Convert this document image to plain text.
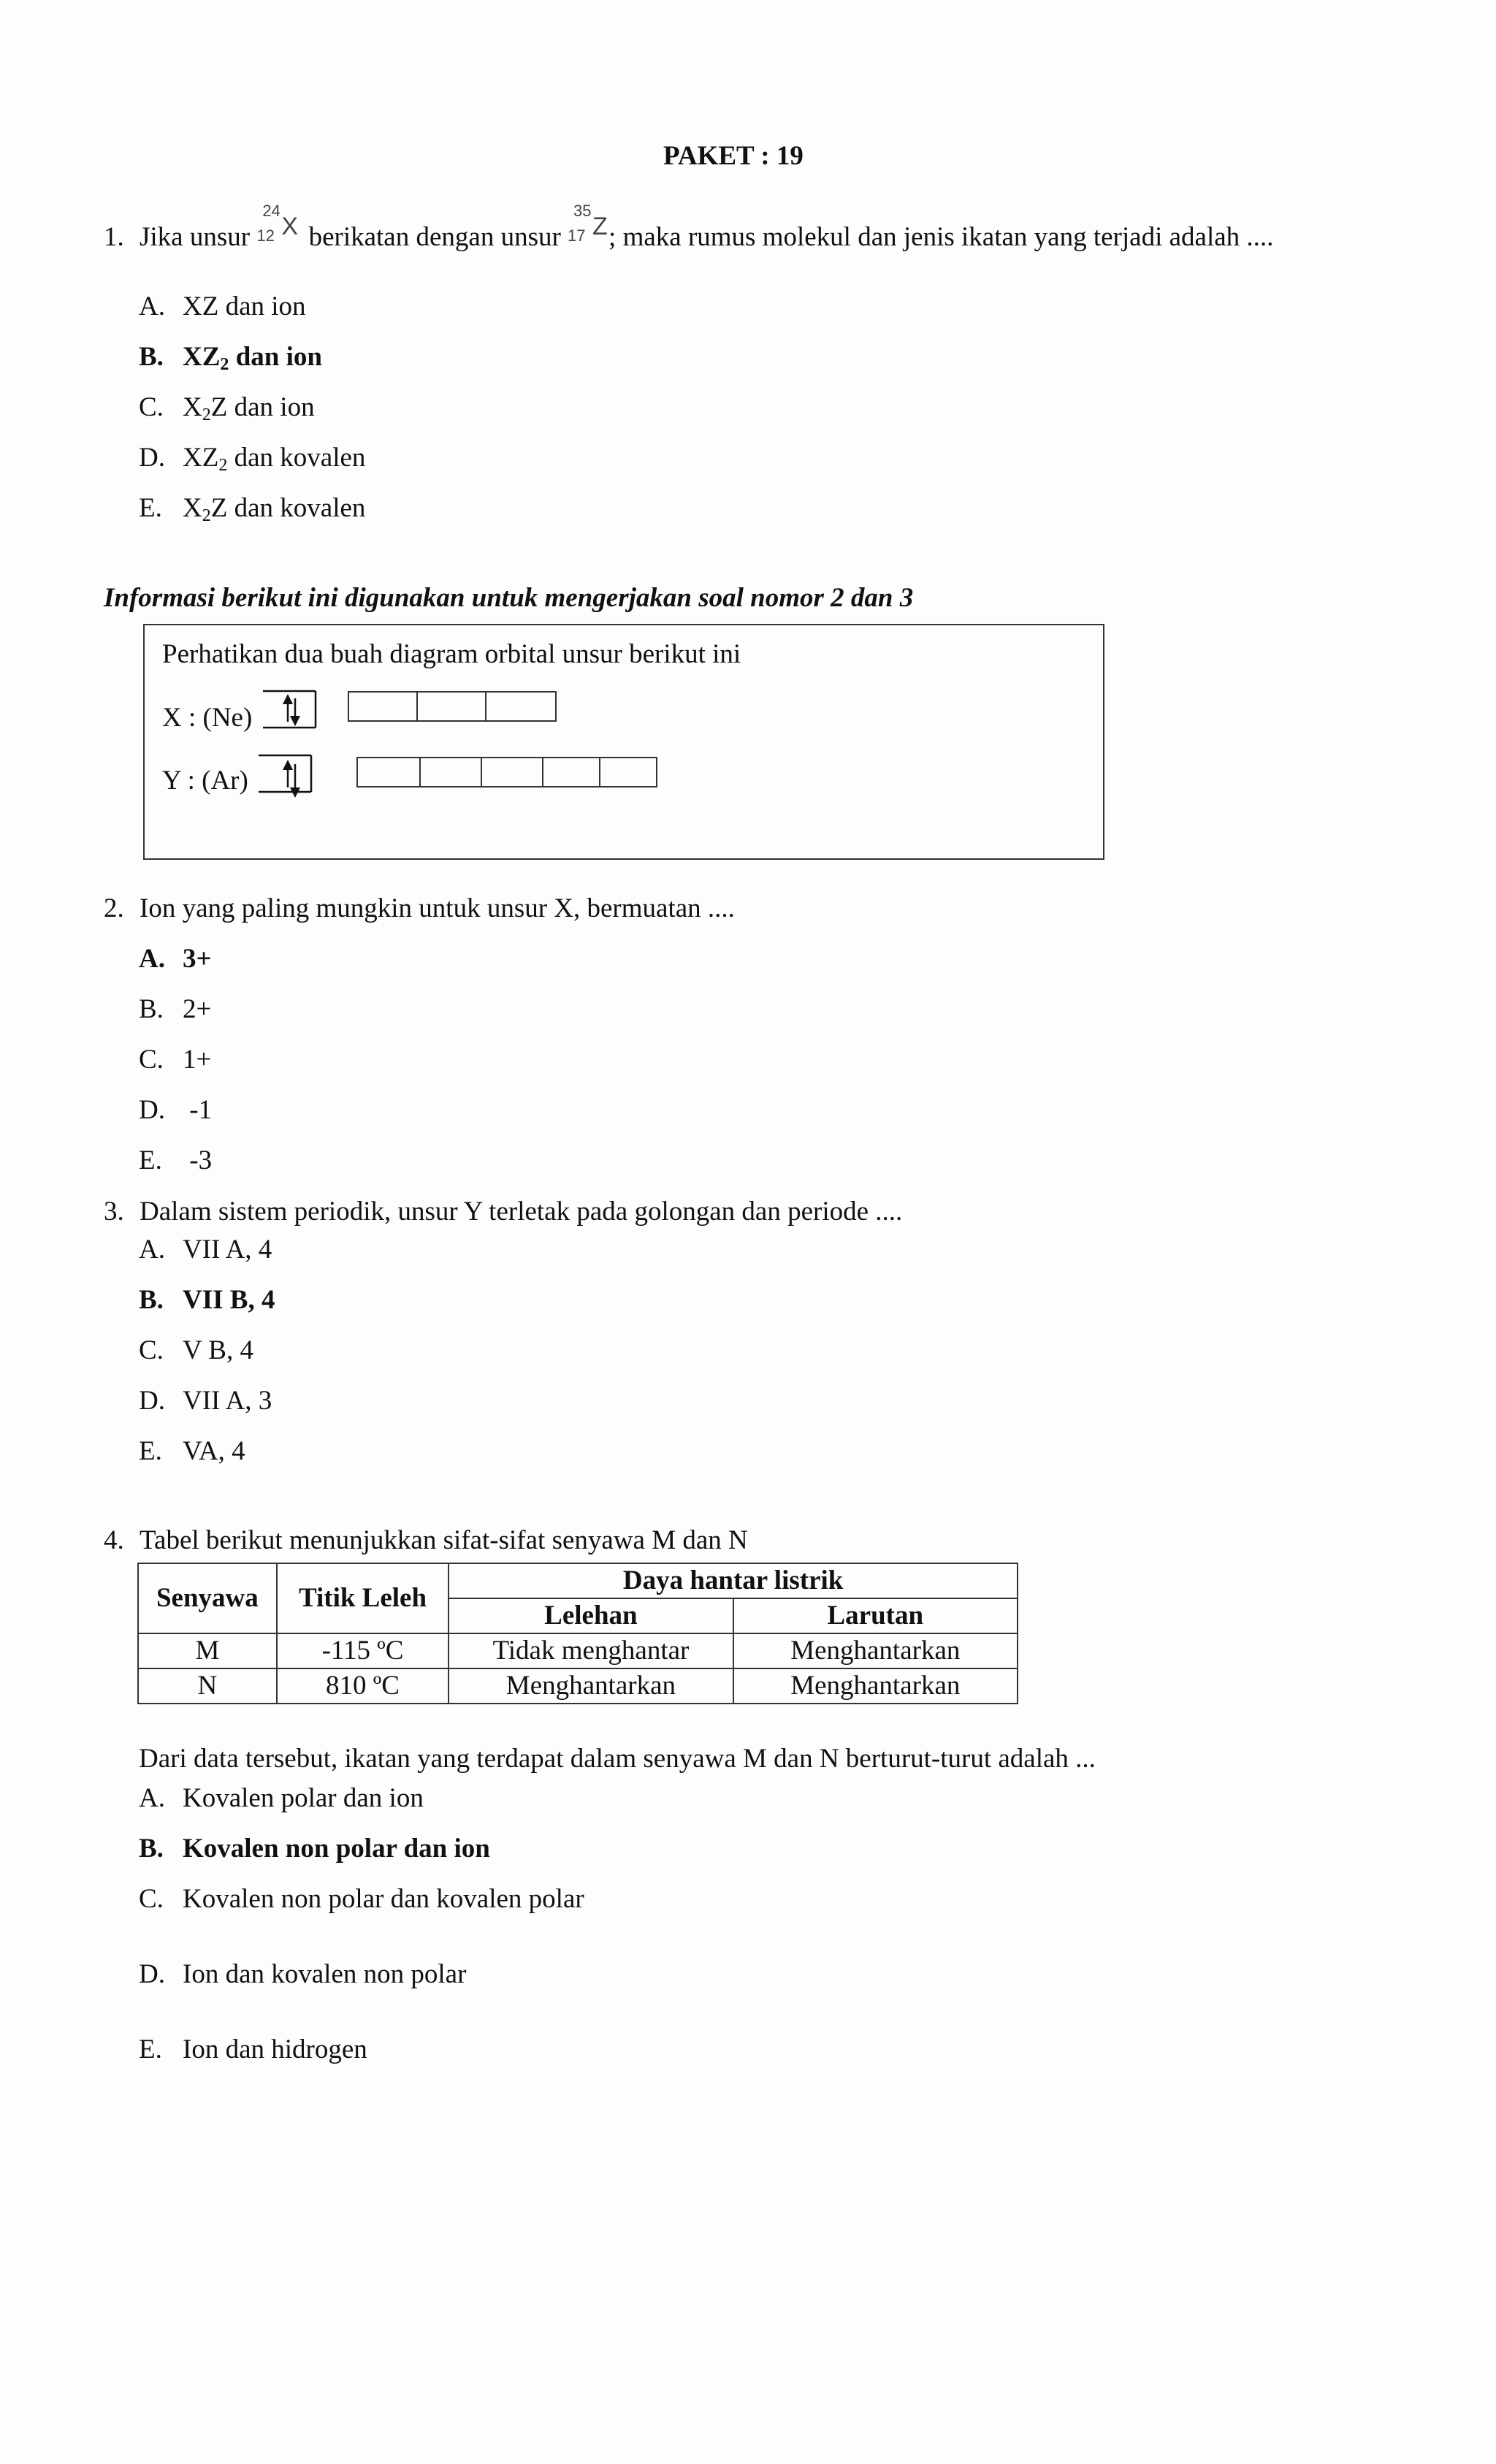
PAKET : 19
1. Jika unsur
24
12 X berikatan dengan unsur
35
17 Z ; maka rumus molekul dan jenis ikatan yang terjadi adalah ....
A. XZ dan ion
B. $XZ_2$ dan ion
C. $X_2Z$ dan ion
D. $XZ_2$ dan kovalen
E. $X_2Z$ dan kovalen
Informasi berikut ini digunakan untuk mengerjakan soal nomor 2 dan 3
Perhatikan dua buah diagram orbital unsur berikut ini
X : (Ne)
Y : (Ar)
2. Ion yang paling mungkin untuk unsur X, bermuatan ....
A. 3+
B. 2+
C. 1+
D. -1
E. -3
3. Dalam sistem periodik, unsur Y terletak pada golongan dan periode ....
A. VII A, 4
B. VII B, 4
C. V B, 4
D. VII A, 3
E. VA, 4
4. Tabel berikut menunjukkan sifat-sifat senyawa M dan N
Senyawa	Titik Leleh	Daya hantar listrik	
		Lelehan	Larutan
M	-115 ºC	Tidak menghantar	Menghantarkan
N	810 ºC	Menghantarkan	Menghantarkan
Dari data tersebut, ikatan yang terdapat dalam senyawa M dan N berturut-turut adalah ...
A. Kovalen polar dan ion
B. Kovalen non polar dan ion
C. Kovalen non polar dan kovalen polar
D. Ion dan kovalen non polar
E. Ion dan hidrogen
